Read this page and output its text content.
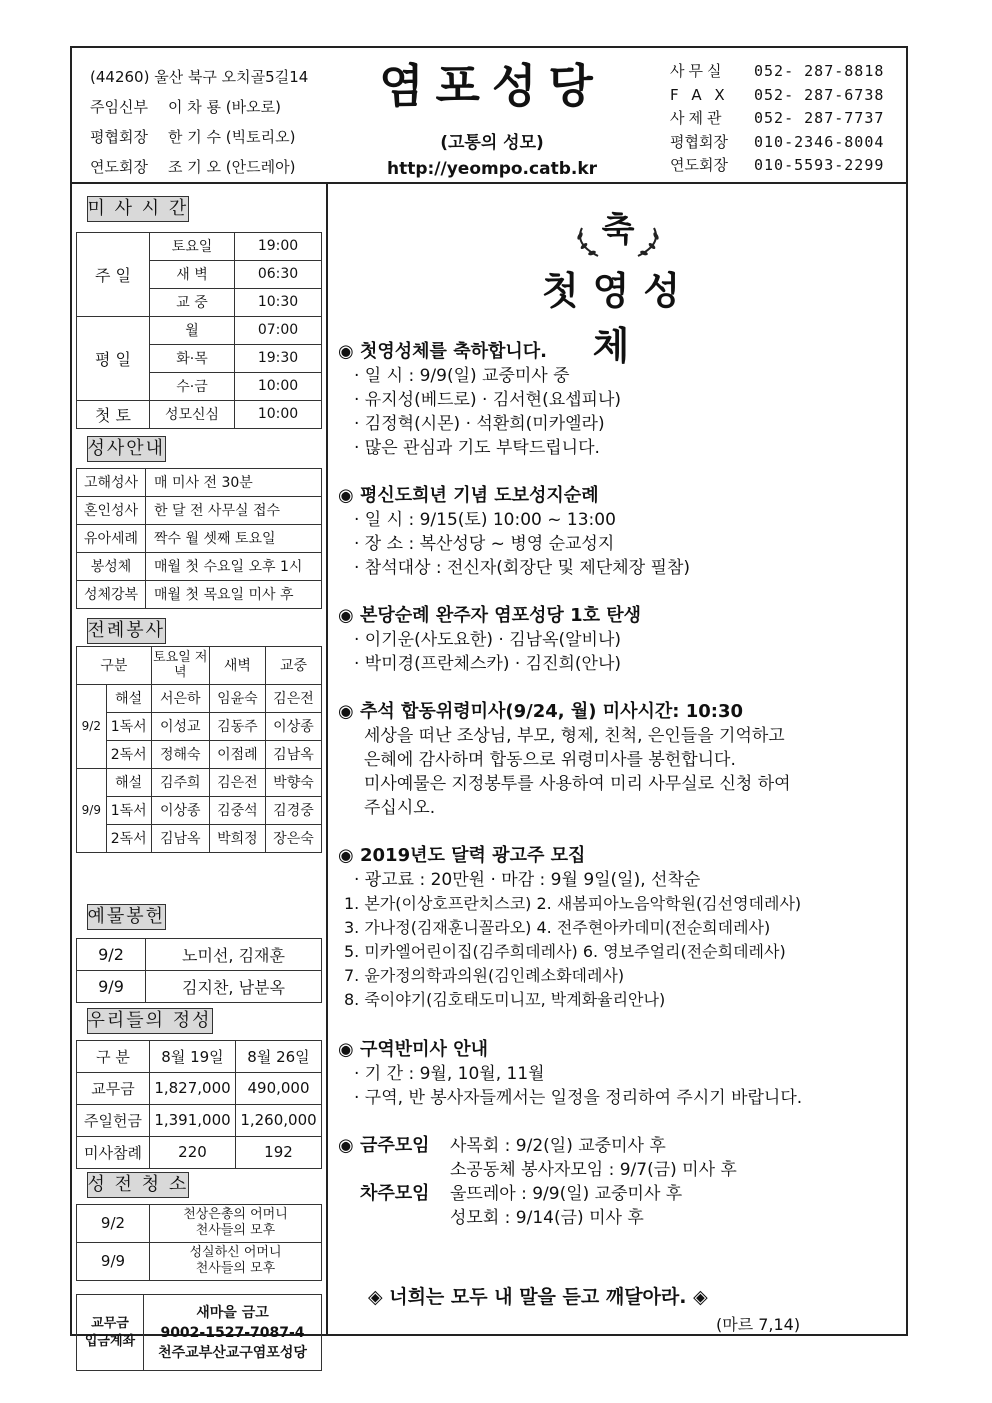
(44260) 울산 북구 오치골5길14
주임신부 이 차 룡 (바오로)
평협회장 한 기 수 (빅토리오)
연도회장 조 기 오 (안드레아)
염포성당
(고통의 성모)
http://yeompo.catb.kr
사무실 052- 287-8818
F A X 052- 287-6738
사제관 052- 287-7737
평협회장 010-2346-8004
연도회장 010-5593-2299
미 사 시 간

주 일	토요일	19:00
	새 벽	06:30
	교 중	10:30
평 일	월	07:00
	화·목	19:30
	수·금	10:00
첫 토	성모신심	10:00
성사안내

고해성사	매 미사 전 30분
혼인성사	한 달 전 사무실 접수
유아세례	짝수 월 셋째 토요일
봉성체	매월 첫 수요일 오후 1시
성체강복	매월 첫 목요일 미사 후
전례봉사

구분		토요일 저녁	새벽	교중
9/2	해설	서은하	임윤숙	김은전
	1독서	이성교	김동주	이상종
	2독서	정해숙	이점례	김남옥
9/9	해설	김주희	김은전	박향숙
	1독서	이상종	김중석	김경중
	2독서	김남옥	박희정	장은숙
예물봉헌

9/2	노미선, 김재훈
9/9	김지찬, 남분옥
우리들의 정성

구 분	8월 19일	8월 26일
교무금	1,827,000	490,000
주일헌금	1,391,000	1,260,000
미사참례	220	192
성 전 청 소

9/2	천상은총의 어머니
천사들의 모후

9/9	성실하신 어머니
천사들의 모후
교무금
입금계좌

새마을 금고
9002-1527-7087-4
천주교부산교구염포성당
축
첫영성체
◉ 첫영성체를 축하합니다.
· 일 시 : 9/9(일) 교중미사 중
· 유지성(베드로) · 김서현(요셉피나)
· 김정혁(시몬) · 석환희(미카엘라)
· 많은 관심과 기도 부탁드립니다.
◉ 평신도희년 기념 도보성지순례
· 일 시 : 9/15(토) 10:00 ~ 13:00
· 장 소 : 복산성당 ~ 병영 순교성지
· 참석대상 : 전신자(회장단 및 제단체장 필참)
◉ 본당순례 완주자 염포성당 1호 탄생
· 이기운(사도요한) · 김남옥(알비나)
· 박미경(프란체스카) · 김진희(안나)
◉ 추석 합동위령미사(9/24, 월) 미사시간: 10:30
세상을 떠난 조상님, 부모, 형제, 친척, 은인들을 기억하고
은혜에 감사하며 합동으로 위령미사를 봉헌합니다.
미사예물은 지정봉투를 사용하여 미리 사무실로 신청 하여
주십시오.
◉ 2019년도 달력 광고주 모집
· 광고료 : 20만원 · 마감 : 9월 9일(일), 선착순
1. 본가(이상호프란치스코) 2. 새봄피아노음악학원(김선영데레사)
3. 가나정(김재훈니꼴라오) 4. 전주현아카데미(전순희데레사)
5. 미카엘어린이집(김주희데레사) 6. 영보주얼리(전순희데레사)
7. 윤가정의학과의원(김인례소화데레사)
8. 죽이야기(김호태도미니꼬, 박계화율리안나)
◉ 구역반미사 안내
· 기 간 : 9월, 10월, 11월
· 구역, 반 봉사자들께서는 일정을 정리하여 주시기 바랍니다.
◉ 금주모임 사목회 : 9/2(일) 교중미사 후
소공동체 봉사자모임 : 9/7(금) 미사 후
차주모임 울뜨레아 : 9/9(일) 교중미사 후
성모회 : 9/14(금) 미사 후
◈ 너희는 모두 내 말을 듣고 깨달아라. ◈
(마르 7,14)
